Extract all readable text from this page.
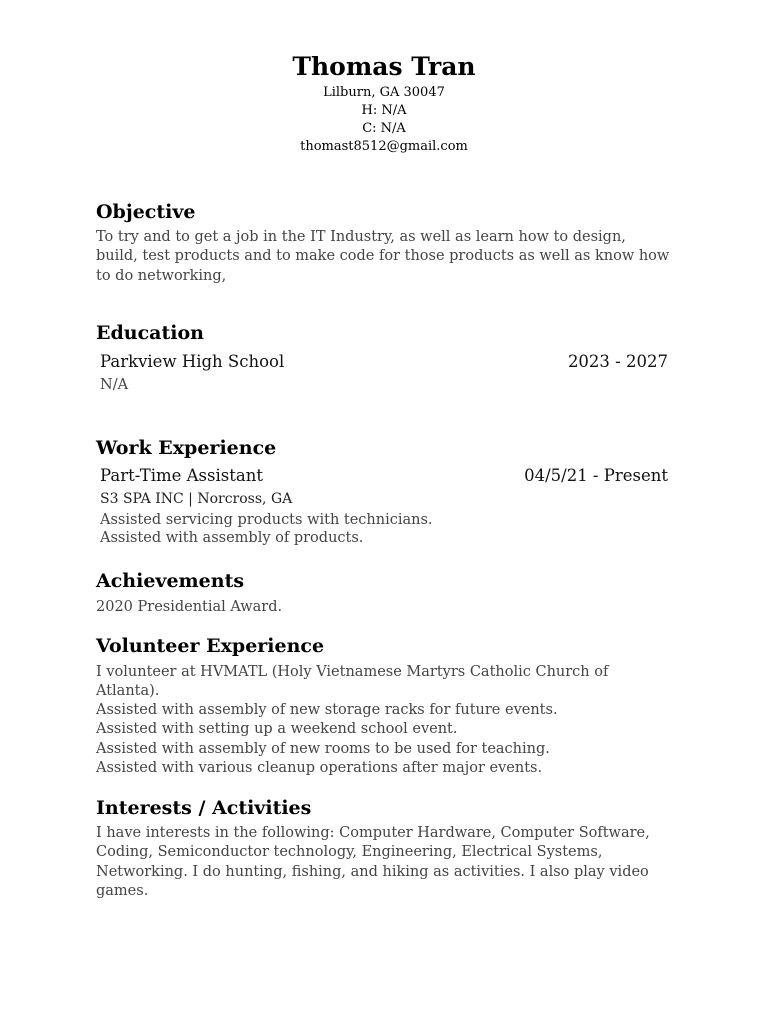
Thomas Tran
Lilburn, GA 30047
H: N/A
C: N/A
thomast8512@gmail.com
Objective
To try and to get a job in the IT Industry, as well as learn how to design, build, test products and to make code for those products as well as know how to do networking,
Education
Parkview High School	2023 - 2027
N/A
Work Experience
Part-Time Assistant	04/5/21 - Present
S3 SPA INC | Norcross, GA
Assisted servicing products with technicians.
Assisted with assembly of products.
Achievements
2020 Presidential Award.
Volunteer Experience
I volunteer at HVMATL (Holy Vietnamese Martyrs Catholic Church of Atlanta).
Assisted with assembly of new storage racks for future events.
Assisted with setting up a weekend school event.
Assisted with assembly of new rooms to be used for teaching.
Assisted with various cleanup operations after major events.
Interests / Activities
I have interests in the following: Computer Hardware, Computer Software, Coding, Semiconductor technology, Engineering, Electrical Systems, Networking. I do hunting, fishing, and hiking as activities. I also play video games.
